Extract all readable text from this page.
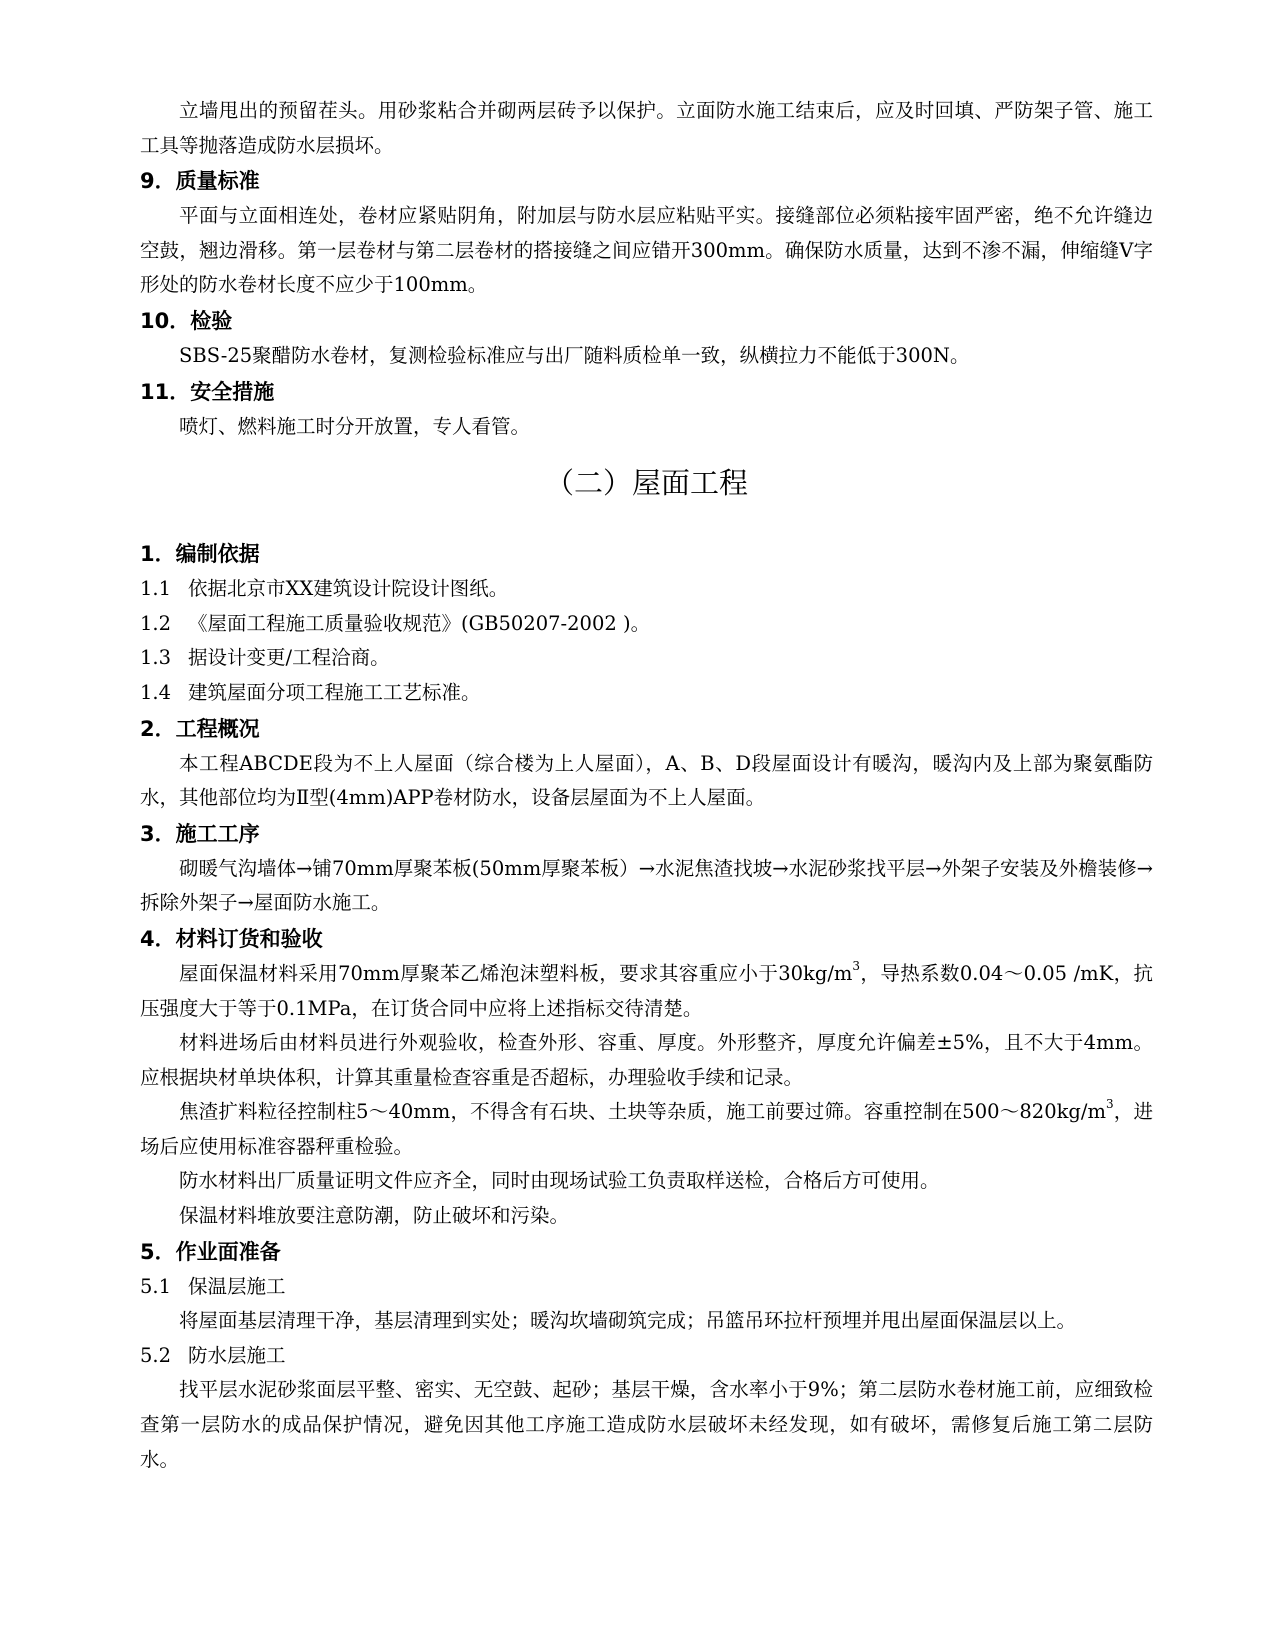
立墙甩出的预留茬头。用砂浆粘合并砌两层砖予以保护。立面防水施工结束后，应及时回填、严防架子管、施工工具等抛落造成防水层损坏。

9．质量标准

平面与立面相连处，卷材应紧贴阴角，附加层与防水层应粘贴平实。接缝部位必须粘接牢固严密，绝不允许缝边空鼓，翘边滑移。第一层卷材与第二层卷材的搭接缝之间应错开300mm。确保防水质量，达到不渗不漏，伸缩缝V字形处的防水卷材长度不应少于100mm。

10．检验

SBS-25聚醋防水卷材，复测检验标准应与出厂随料质检单一致，纵横拉力不能低于300N。

11．安全措施

喷灯、燃料施工时分开放置，专人看管。

（二）屋面工程
1．编制依据

1.1 依据北京市XX建筑设计院设计图纸。

1.2 《屋面工程施工质量验收规范》(GB50207-2002 )。

1.3 据设计变更/工程洽商。

1.4 建筑屋面分项工程施工工艺标准。

2．工程概况

本工程ABCDE段为不上人屋面（综合楼为上人屋面），A、B、D段屋面设计有暖沟，暖沟内及上部为聚氨酯防水，其他部位均为Ⅱ型(4mm)APP卷材防水，设备层屋面为不上人屋面。

3．施工工序

砌暖气沟墙体→铺70mm厚聚苯板(50mm厚聚苯板）→水泥焦渣找坡→水泥砂浆找平层→外架子安装及外檐装修→拆除外架子→屋面防水施工。

4．材料订货和验收

屋面保温材料采用70mm厚聚苯乙烯泡沫塑料板，要求其容重应小于$30kg/m^3$，导热系数0.04～0.05 /mK，抗压强度大于等于0.1MPa，在订货合同中应将上述指标交待清楚。

材料进场后由材料员进行外观验收，检查外形、容重、厚度。外形整齐，厚度允许偏差±5%，且不大于4mm。应根据块材单块体积，计算其重量检查容重是否超标，办理验收手续和记录。

焦渣扩料粒径控制柱5～40mm，不得含有石块、土块等杂质，施工前要过筛。容重控制在$500\sim 820kg/m^3$，进场后应使用标准容器秤重检验。

防水材料出厂质量证明文件应齐全，同时由现场试验工负责取样送检，合格后方可使用。

保温材料堆放要注意防潮，防止破坏和污染。

5．作业面准备

5.1 保温层施工

将屋面基层清理干净，基层清理到实处；暖沟坎墙砌筑完成；吊篮吊环拉杆预埋并甩出屋面保温层以上。

5.2 防水层施工

找平层水泥砂浆面层平整、密实、无空鼓、起砂；基层干燥，含水率小于9%；第二层防水卷材施工前，应细致检查第一层防水的成品保护情况，避免因其他工序施工造成防水层破坏未经发现，如有破坏，需修复后施工第二层防水。
